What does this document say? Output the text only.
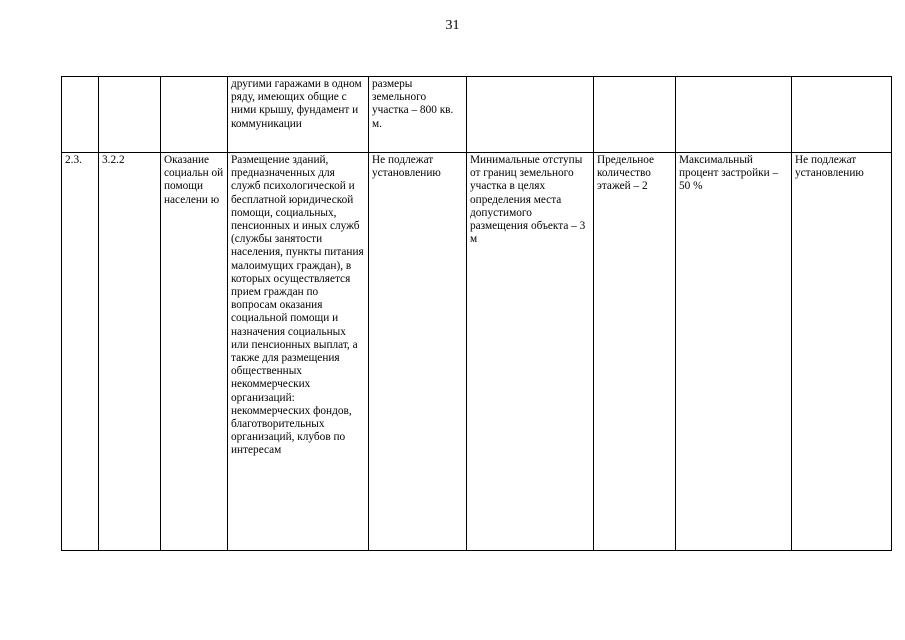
31
			другими гаражами в одном ряду, имеющих общие с ними крышу, фундамент и коммуникации	размеры земельного участка – 800 кв. м.				
2.3.	3.2.2	Оказание социальн ой помощи населени ю	Размещение зданий, предназначенных для служб психологической и бесплатной юридической помощи, социальных, пенсионных и иных служб (службы занятости населения, пункты питания малоимущих граждан), в которых осуществляется прием граждан по вопросам оказания социальной помощи и назначения социальных или пенсионных выплат, а также для размещения общественных некоммерческих организаций: некоммерческих фондов, благотворительных организаций, клубов по интересам	Не подлежат установлению	Минимальные отступы от границ земельного участка в целях определения места допустимого размещения объекта – 3 м	Предельное количество этажей – 2	Максимальный процент застройки – 50 %	Не подлежат установлению
